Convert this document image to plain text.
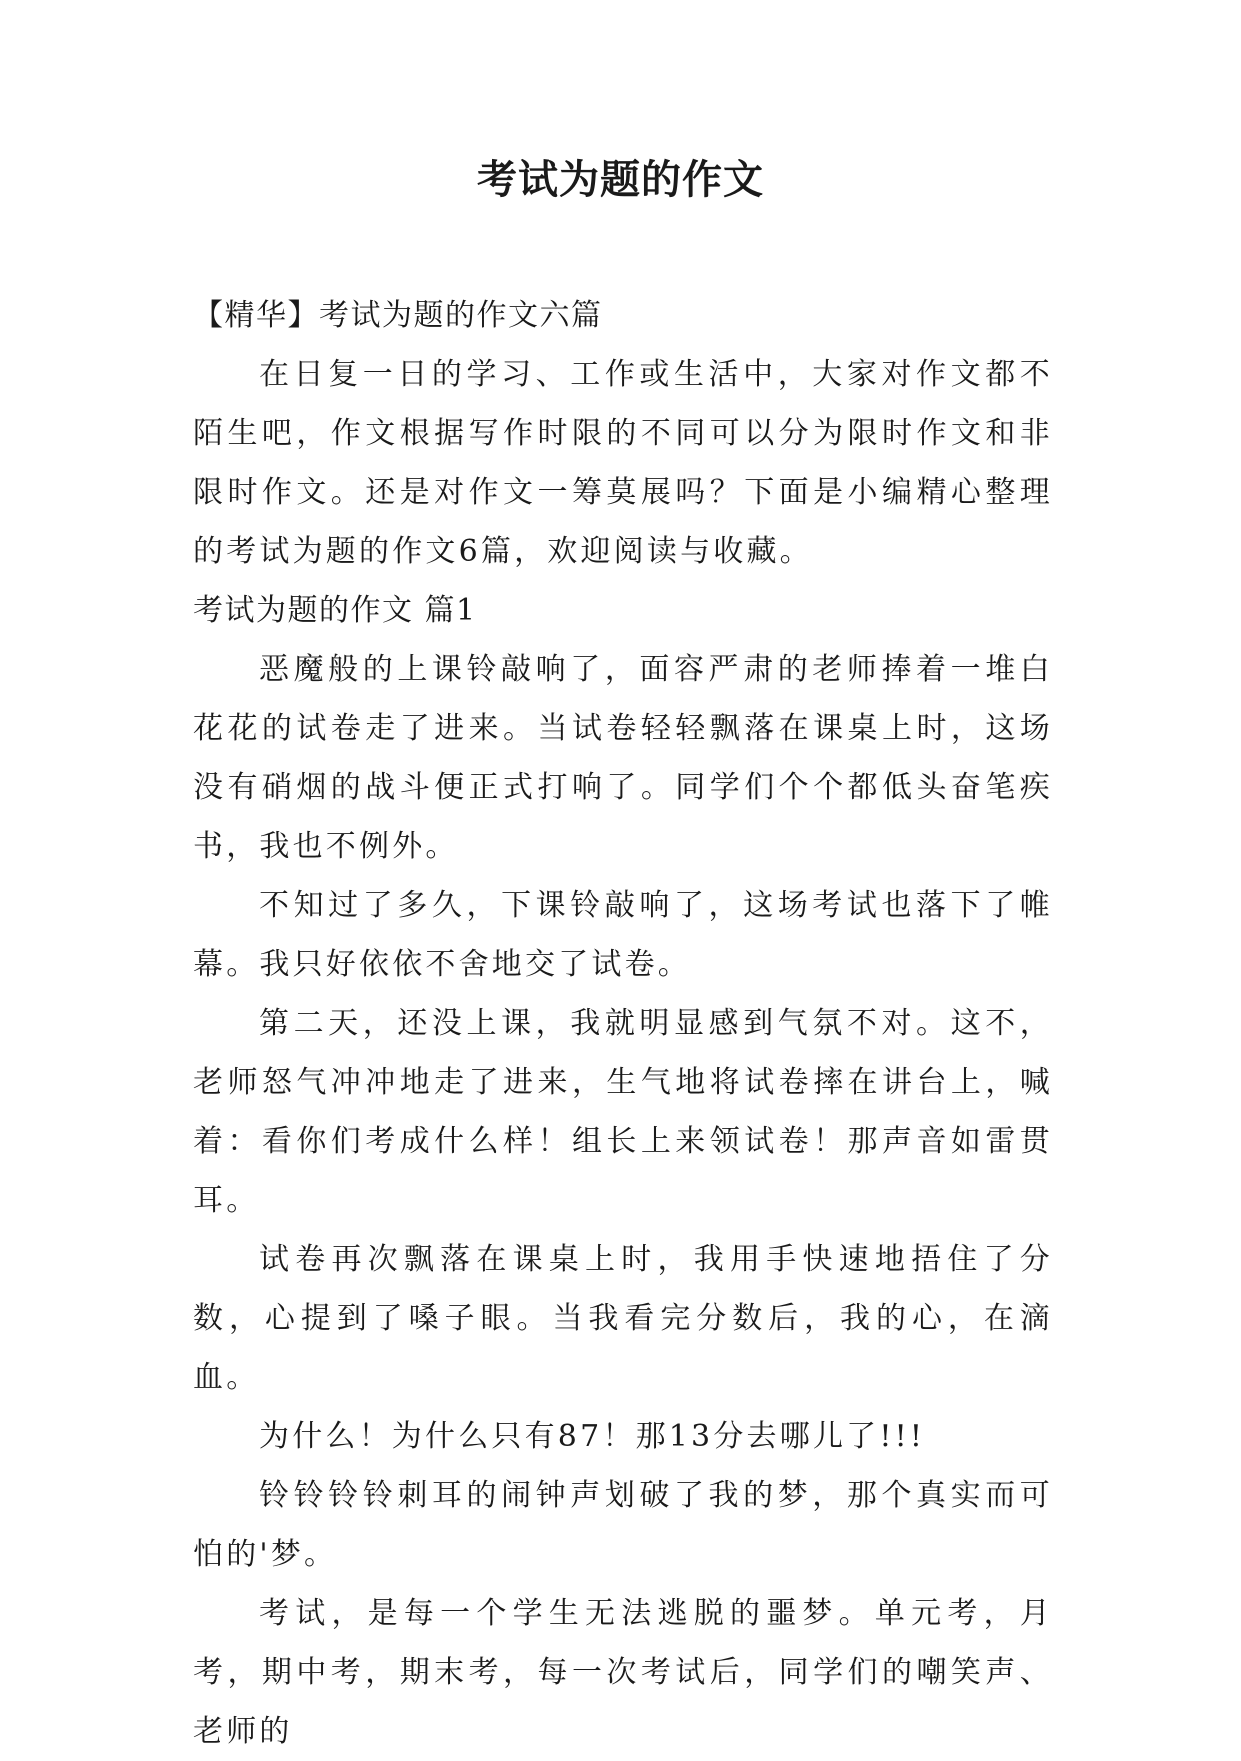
考试为题的作文

【精华】考试为题的作文六篇

在日复一日的学习、工作或生活中，大家对作文都不陌生吧，作文根据写作时限的不同可以分为限时作文和非限时作文。还是对作文一筹莫展吗？下面是小编精心整理的考试为题的作文6篇，欢迎阅读与收藏。

考试为题的作文 篇1

恶魔般的上课铃敲响了，面容严肃的老师捧着一堆白花花的试卷走了进来。当试卷轻轻飘落在课桌上时，这场没有硝烟的战斗便正式打响了。同学们个个都低头奋笔疾书，我也不例外。

不知过了多久，下课铃敲响了，这场考试也落下了帷幕。我只好依依不舍地交了试卷。

第二天，还没上课，我就明显感到气氛不对。这不，老师怒气冲冲地走了进来，生气地将试卷摔在讲台上，喊着：看你们考成什么样！组长上来领试卷！那声音如雷贯耳。

试卷再次飘落在课桌上时，我用手快速地捂住了分数，心提到了嗓子眼。当我看完分数后，我的心，在滴血。

为什么！为什么只有87！那13分去哪儿了!!!

铃铃铃铃刺耳的闹钟声划破了我的梦，那个真实而可怕的'梦。

考试，是每一个学生无法逃脱的噩梦。单元考，月考，期中考，期末考，每一次考试后，同学们的嘲笑声、老师的
